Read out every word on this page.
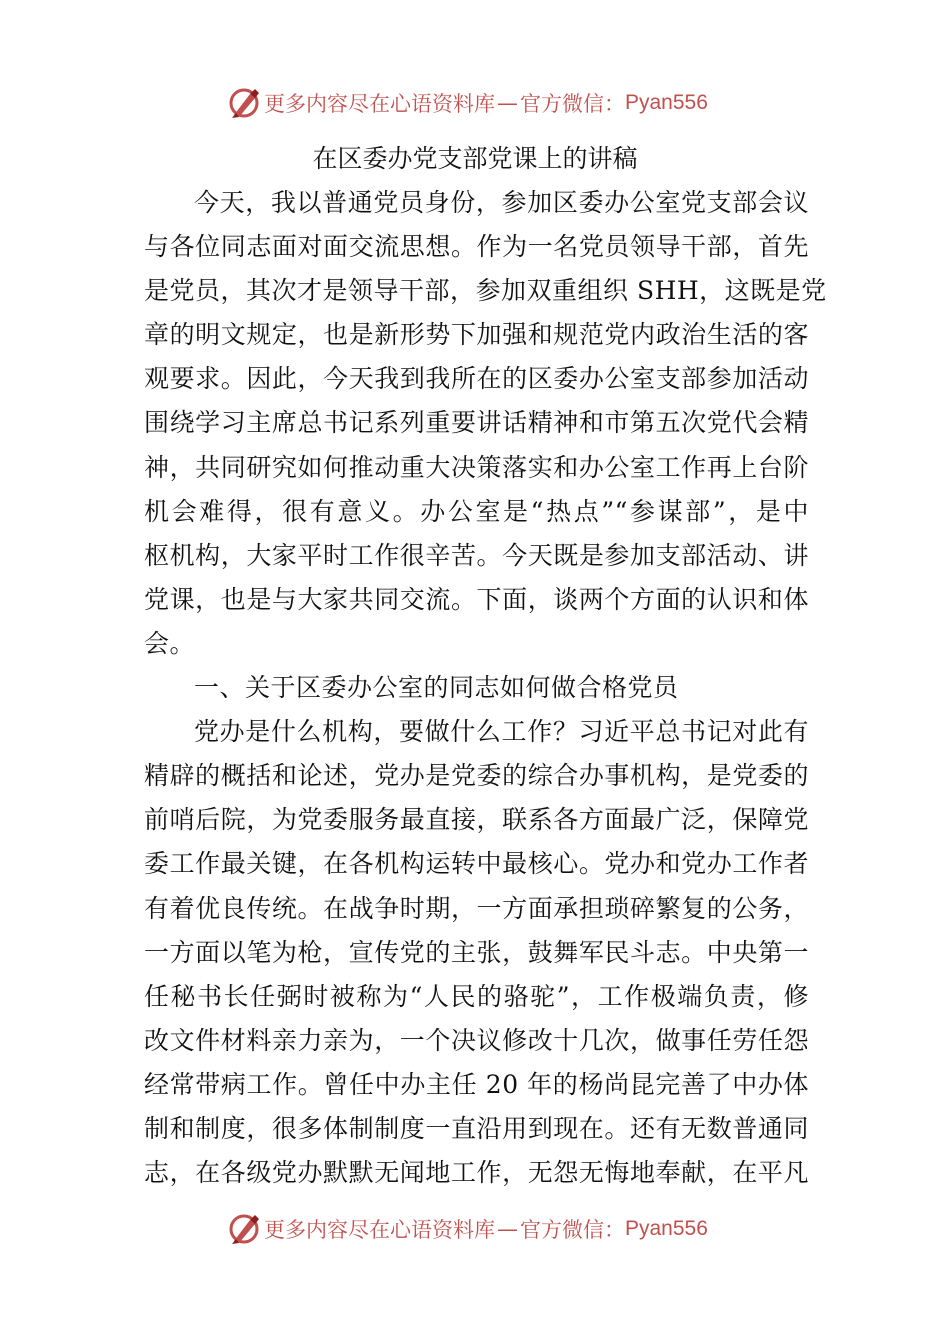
更多内容尽在心语资料库 — 官方微信： Pyan556
在区委办党支部党课上的讲稿
今天，我以普通党员身份，参加区委办公室党支部会议
与各位同志面对面交流思想。作为一名党员领导干部，首先
是党员，其次才是领导干部，参加双重组织 SHH，这既是党
章的明文规定，也是新形势下加强和规范党内政治生活的客
观要求。因此，今天我到我所在的区委办公室支部参加活动
围绕学习主席总书记系列重要讲话精神和市第五次党代会精
神，共同研究如何推动重大决策落实和办公室工作再上台阶
机会难得，很有意义。办公室是“热点”“参谋部”，是中
枢机构，大家平时工作很辛苦。今天既是参加支部活动、讲
党课，也是与大家共同交流。下面，谈两个方面的认识和体
会。
一、关于区委办公室的同志如何做合格党员
党办是什么机构，要做什么工作？习近平总书记对此有
精辟的概括和论述，党办是党委的综合办事机构，是党委的
前哨后院，为党委服务最直接，联系各方面最广泛，保障党
委工作最关键，在各机构运转中最核心。党办和党办工作者
有着优良传统。在战争时期，一方面承担琐碎繁复的公务，
一方面以笔为枪，宣传党的主张，鼓舞军民斗志。中央第一
任秘书长任弼时被称为“人民的骆驼”，工作极端负责，修
改文件材料亲力亲为，一个决议修改十几次，做事任劳任怨
经常带病工作。曾任中办主任 20 年的杨尚昆完善了中办体
制和制度，很多体制制度一直沿用到现在。还有无数普通同
志，在各级党办默默无闻地工作，无怨无悔地奉献，在平凡
更多内容尽在心语资料库 — 官方微信： Pyan556
